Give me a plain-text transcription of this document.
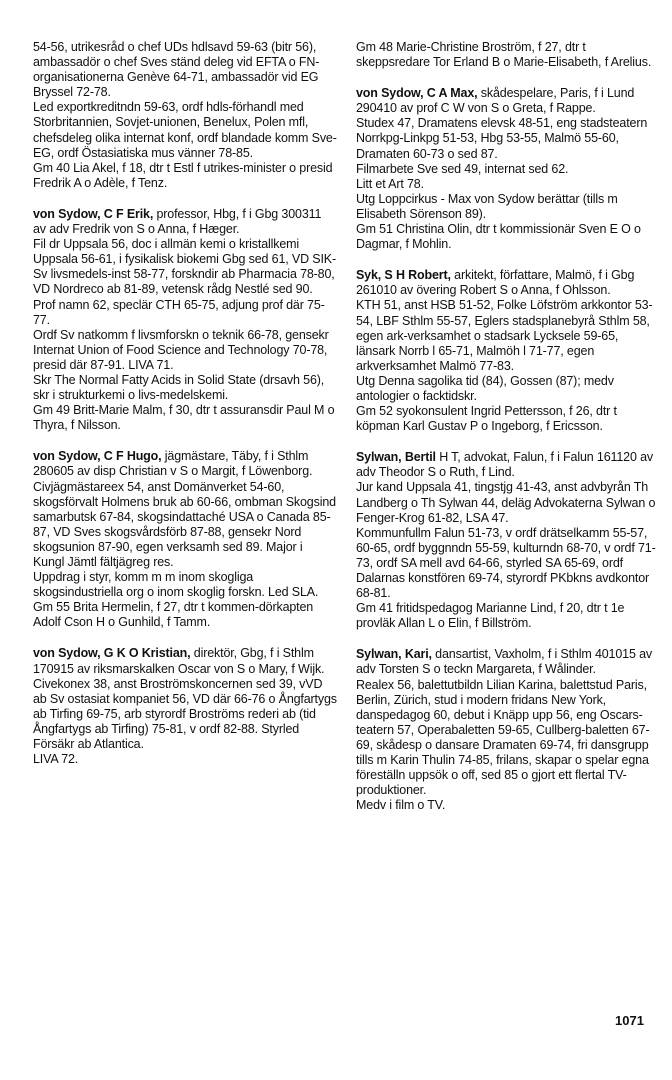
54-56, utrikesråd o chef UDs hdlsavd 59-63 (bitr 56), ambassadör o chef Sves ständ deleg vid EFTA o FN-organisationerna Genève 64-71, ambassadör vid EG Bryssel 72-78.

Led exportkreditndn 59-63, ordf hdls-förhandl med Storbritannien, Sovjet-unionen, Benelux, Polen mfl, chefsdeleg olika internat konf, ordf blandade komm Sve-EG, ordf Östasiatiska mus vänner 78-85.

Gm 40 Lia Akel, f 18, dtr t Estl f utrikes-minister o presid Fredrik A o Adèle, f Tenz.

von Sydow, C F Erik, professor, Hbg, f i Gbg 300311 av adv Fredrik von S o Anna, f Hæger.

Fil dr Uppsala 56, doc i allmän kemi o kristallkemi Uppsala 56-61, i fysikalisk biokemi Gbg sed 61, VD SIK-Sv livsmedels-inst 58-77, forskndir ab Pharmacia 78-80, VD Nordreco ab 81-89, vetensk rådg Nestlé sed 90.

Prof namn 62, speclär CTH 65-75, adjung prof där 75-77.

Ordf Sv natkomm f livsmforskn o teknik 66-78, gensekr Internat Union of Food Science and Technology 70-78, presid där 87-91. LIVA 71.

Skr The Normal Fatty Acids in Solid State (drsavh 56), skr i strukturkemi o livs-medelskemi.

Gm 49 Britt-Marie Malm, f 30, dtr t assuransdir Paul M o Thyra, f Nilsson.

von Sydow, C F Hugo, jägmästare, Täby, f i Sthlm 280605 av disp Christian v S o Margit, f Löwenborg.

Civjägmästareex 54, anst Domänverket 54-60, skogsförvalt Holmens bruk ab 60-66, ombman Skogsind samarbutsk 67-84, skogsindattaché USA o Canada 85-87, VD Sves skogsvårdsförb 87-88, gensekr Nord skogsunion 87-90, egen verksamh sed 89. Major i Kungl Jämtl fältjägreg res.

Uppdrag i styr, komm m m inom skogliga skogsindustriella org o inom skoglig forskn. Led SLA.

Gm 55 Brita Hermelin, f 27, dtr t kommen-dörkapten Adolf Cson H o Gunhild, f Tamm.

von Sydow, G K O Kristian, direktör, Gbg, f i Sthlm 170915 av riksmarskalken Oscar von S o Mary, f Wijk.

Civekonex 38, anst Broströmskoncernen sed 39, vVD ab Sv ostasiat kompaniet 56, VD där 66-76 o Ångfartygs ab Tirfing 69-75, arb styrordf Broströms rederi ab (tid Ångfartygs ab Tirfing) 75-81, v ordf 82-88. Styrled Försäkr ab Atlantica.

LIVA 72.

Gm 48 Marie-Christine Broström, f 27, dtr t skeppsredare Tor Erland B o Marie-Elisabeth, f Arelius.

von Sydow, C A Max, skådespelare, Paris, f i Lund 290410 av prof C W von S o Greta, f Rappe.

Studex 47, Dramatens elevsk 48-51, eng stadsteatern Norrkpg-Linkpg 51-53, Hbg 53-55, Malmö 55-60, Dramaten 60-73 o sed 87.

Filmarbete Sve sed 49, internat sed 62.

Litt et Art 78.

Utg Loppcirkus - Max von Sydow berättar (tills m Elisabeth Sörenson 89).

Gm 51 Christina Olin, dtr t kommissionär Sven E O o Dagmar, f Mohlin.

Syk, S H Robert, arkitekt, författare, Malmö, f i Gbg 261010 av övering Robert S o Anna, f Ohlsson.

KTH 51, anst HSB 51-52, Folke Löfström arkkontor 53-54, LBF Sthlm 55-57, Eglers stadsplanebyrå Sthlm 58, egen ark-verksamhet o stadsark Lycksele 59-65, länsark Norrb l 65-71, Malmöh l 71-77, egen arkverksamhet Malmö 77-83.

Utg Denna sagolika tid (84), Gossen (87); medv antologier o facktidskr.

Gm 52 syokonsulent Ingrid Pettersson, f 26, dtr t köpman Karl Gustav P o Ingeborg, f Ericsson.

Sylwan, Bertil H T, advokat, Falun, f i Falun 161120 av adv Theodor S o Ruth, f Lind.

Jur kand Uppsala 41, tingstjg 41-43, anst advbyrån Th Landberg o Th Sylwan 44, deläg Advokaterna Sylwan o Fenger-Krog 61-82, LSA 47.

Kommunfullm Falun 51-73, v ordf drätselkamm 55-57, 60-65, ordf byggnndn 55-59, kulturndn 68-70, v ordf 71-73, ordf SA mell avd 64-66, styrled SA 65-69, ordf Dalarnas konstfören 69-74, styrordf PKbkns avdkontor 68-81.

Gm 41 fritidspedagog Marianne Lind, f 20, dtr t 1e provläk Allan L o Elin, f Billström.

Sylwan, Kari, dansartist, Vaxholm, f i Sthlm 401015 av adv Torsten S o teckn Margareta, f Wålinder.

Realex 56, balettutbildn Lilian Karina, balettstud Paris, Berlin, Zürich, stud i modern fridans New York, danspedagog 60, debut i Knäpp upp 56, eng Oscars-teatern 57, Operabaletten 59-65, Cullberg-baletten 67-69, skådesp o dansare Dramaten 69-74, fri dansgrupp tills m Karin Thulin 74-85, frilans, skapar o spelar egna föreställn uppsök o off, sed 85 o gjort ett flertal TV-produktioner.

Medv i film o TV.

1071
